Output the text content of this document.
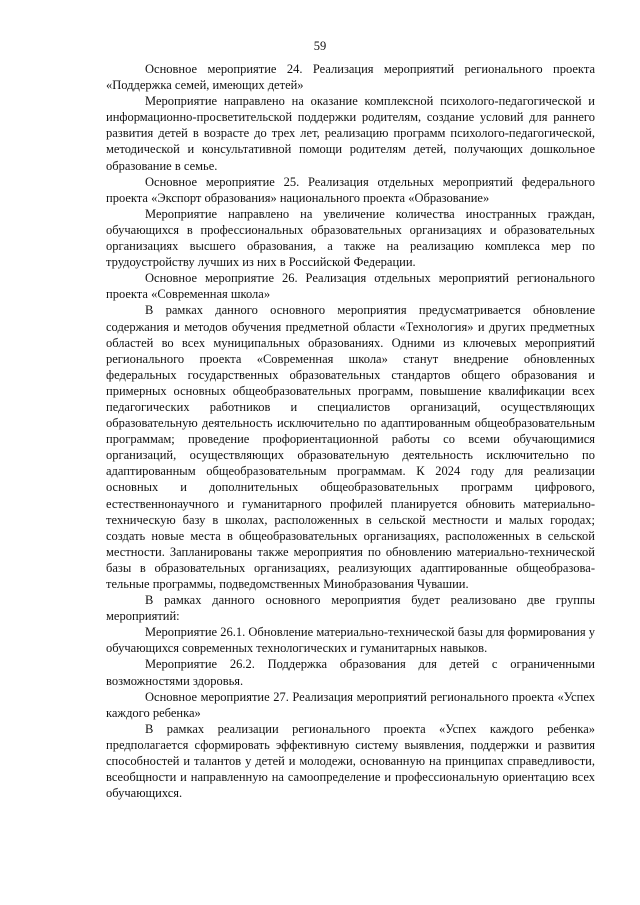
59

Основное мероприятие 24. Реализация мероприятий регионального проекта «Поддержка семей, имеющих детей»

Мероприятие направлено на оказание комплексной психолого-педагогической и информационно-просветительской поддержки родителям, создание условий для раннего развития детей в возрасте до трех лет, реализацию программ психолого-педагогической, методической и консультативной помощи родителям детей, получающих дошкольное образование в семье.

Основное мероприятие 25. Реализация отдельных мероприятий федерального проекта «Экспорт образования» национального проекта «Образование»

Мероприятие направлено на увеличение количества иностранных граждан, обучающихся в профессиональных образовательных организациях и образовательных организациях высшего образования, а также на реализацию комплекса мер по трудоустройству лучших из них в Российской Федерации.

Основное мероприятие 26. Реализация отдельных мероприятий регионального проекта «Современная школа»

В рамках данного основного мероприятия предусматривается обновление содержания и методов обучения предметной области «Технология» и других предметных областей во всех муниципальных образованиях. Одними из ключевых мероприятий регионального проекта «Современная школа» станут внедрение обновленных федеральных государственных образовательных стандартов общего образования и примерных основных общеобразовательных программ, повышение квалификации всех педагогических работников и специалистов организаций, осуществляющих образовательную деятельность исключительно по адаптированным общеобразовательным программам; проведение профориентационной работы со всеми обучающимися организаций, осуществляющих образовательную деятельность исключительно по адаптированным общеобразовательным программам. К 2024 году для реализации основных и дополнительных общеобразовательных программ цифрового, естественнонаучного и гуманитарного профилей планируется обновить материально-техническую базу в школах, расположенных в сельской местности и малых городах; создать новые места в общеобразовательных организациях, расположенных в сельской местности. Запланированы также мероприятия по обновлению материально-технической базы в образовательных организациях, реализующих адаптированные общеобразовательные программы, подведомственных Минобразования Чувашии.

В рамках данного основного мероприятия будет реализовано две группы мероприятий:

Мероприятие 26.1. Обновление материально-технической базы для формирования у обучающихся современных технологических и гуманитарных навыков.

Мероприятие 26.2. Поддержка образования для детей с ограниченными возможностями здоровья.

Основное мероприятие 27. Реализация мероприятий регионального проекта «Успех каждого ребенка»

В рамках реализации регионального проекта «Успех каждого ребенка» предполагается сформировать эффективную систему выявления, поддержки и развития способностей и талантов у детей и молодежи, основанную на принципах справедливости, всеобщности и направленную на самоопределение и профессиональную ориентацию всех обучающихся.
